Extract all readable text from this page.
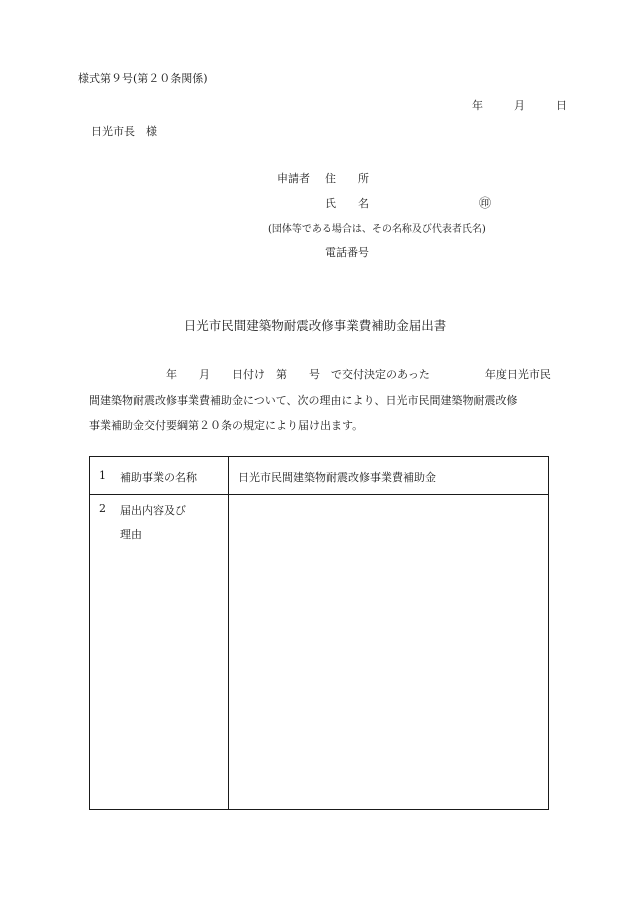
様式第９号(第２０条関係)
年	月	日
日光市長　様
申請者 住　　所
氏　　名	㊞
(団体等である場合は、その名称及び代表者氏名)
電話番号
日光市民間建築物耐震改修事業費補助金届出書
　　　　　　　年　　月　　日付け　第　　号　で交付決定のあった　　　　　年度日光市民
間建築物耐震改修事業費補助金について、次の理由により、日光市民間建築物耐震改修
事業補助金交付要綱第２０条の規定により届け出ます。
1 補助事業の名称	日光市民間建築物耐震改修事業費補助金
2 届出内容及び
理由
